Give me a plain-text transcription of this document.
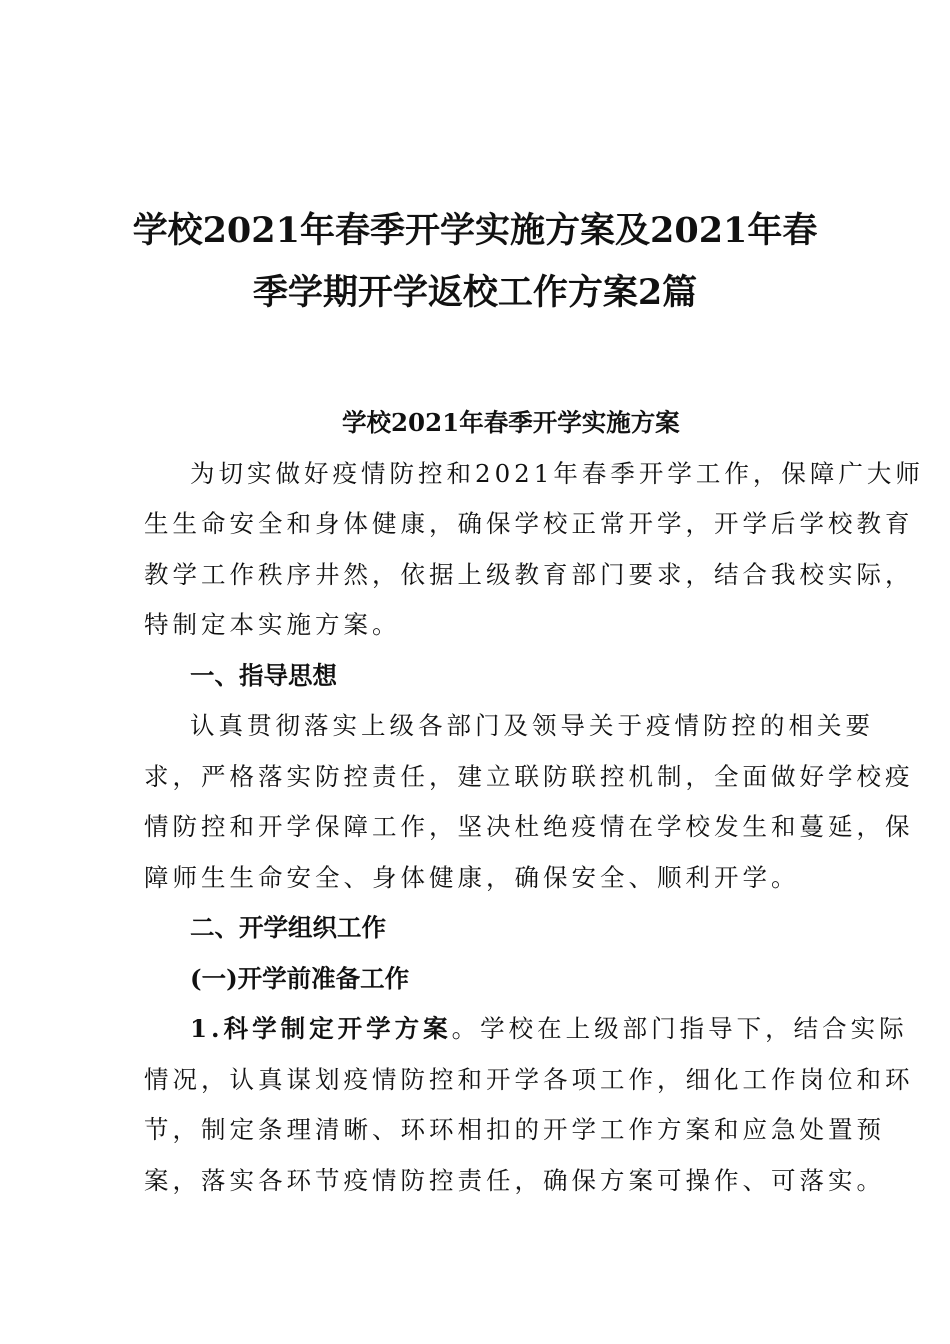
学校2021年春季开学实施方案及2021年春
季学期开学返校工作方案2篇
学校2021年春季开学实施方案
为切实做好疫情防控和2021年春季开学工作，保障广大师
生生命安全和身体健康，确保学校正常开学，开学后学校教育
教学工作秩序井然，依据上级教育部门要求，结合我校实际，
特制定本实施方案。
一、指导思想
认真贯彻落实上级各部门及领导关于疫情防控的相关要
求，严格落实防控责任，建立联防联控机制，全面做好学校疫
情防控和开学保障工作，坚决杜绝疫情在学校发生和蔓延，保
障师生生命安全、身体健康，确保安全、顺利开学。
二、开学组织工作
(一)开学前准备工作
1.科学制定开学方案。学校在上级部门指导下，结合实际
情况，认真谋划疫情防控和开学各项工作，细化工作岗位和环
节，制定条理清晰、环环相扣的开学工作方案和应急处置预
案，落实各环节疫情防控责任，确保方案可操作、可落实。
